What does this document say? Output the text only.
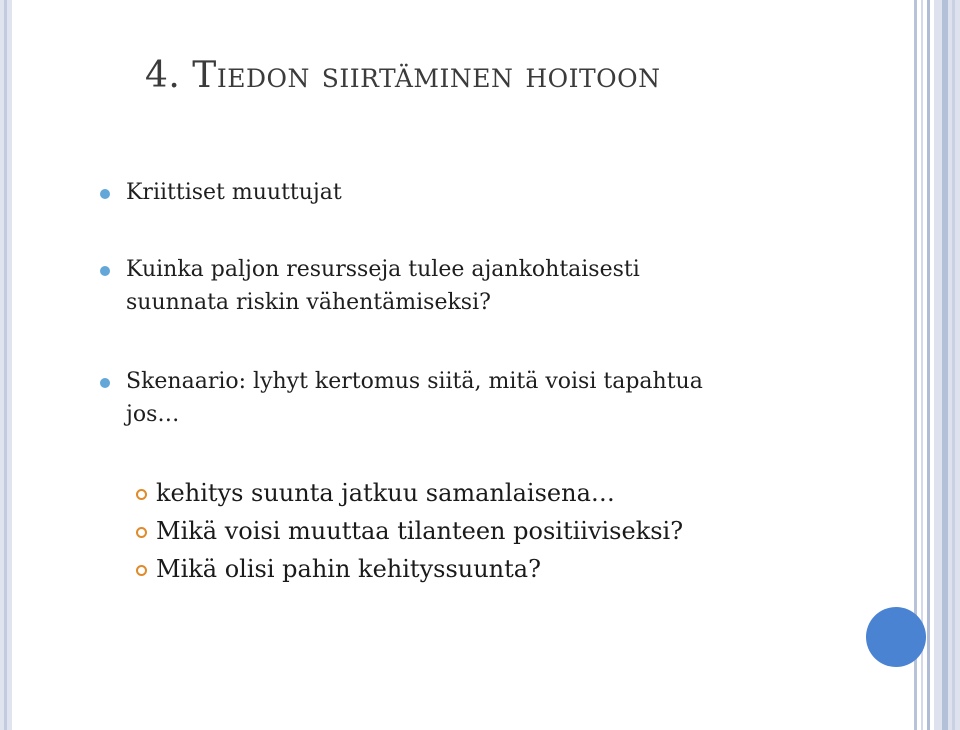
4. Tiedon siirtäminen hoitoon
Kriittiset muuttujat
Kuinka paljon resursseja tulee ajankohtaisesti
suunnata riskin vähentämiseksi?
Skenaario: lyhyt kertomus siitä, mitä voisi tapahtua
jos…
kehitys suunta jatkuu samanlaisena…
Mikä voisi muuttaa tilanteen positiiviseksi?
Mikä olisi pahin kehityssuunta?
